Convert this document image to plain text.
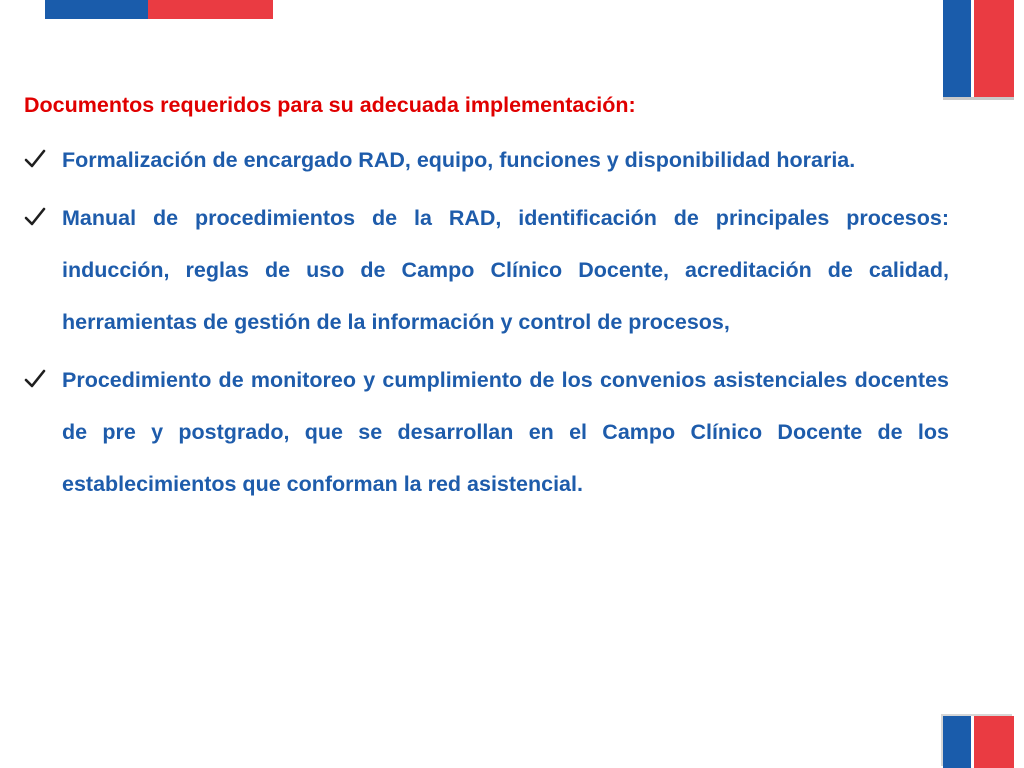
Documentos requeridos para su adecuada implementación:
Formalización de encargado RAD, equipo, funciones y disponibilidad horaria.
Manual de procedimientos de la RAD, identificación de principales procesos: inducción, reglas de uso de Campo Clínico Docente, acreditación de calidad, herramientas de gestión de la información y control de procesos,
Procedimiento de monitoreo y cumplimiento de los convenios asistenciales docentes de pre y postgrado, que se desarrollan en el Campo Clínico Docente de los establecimientos que conforman la red asistencial.
